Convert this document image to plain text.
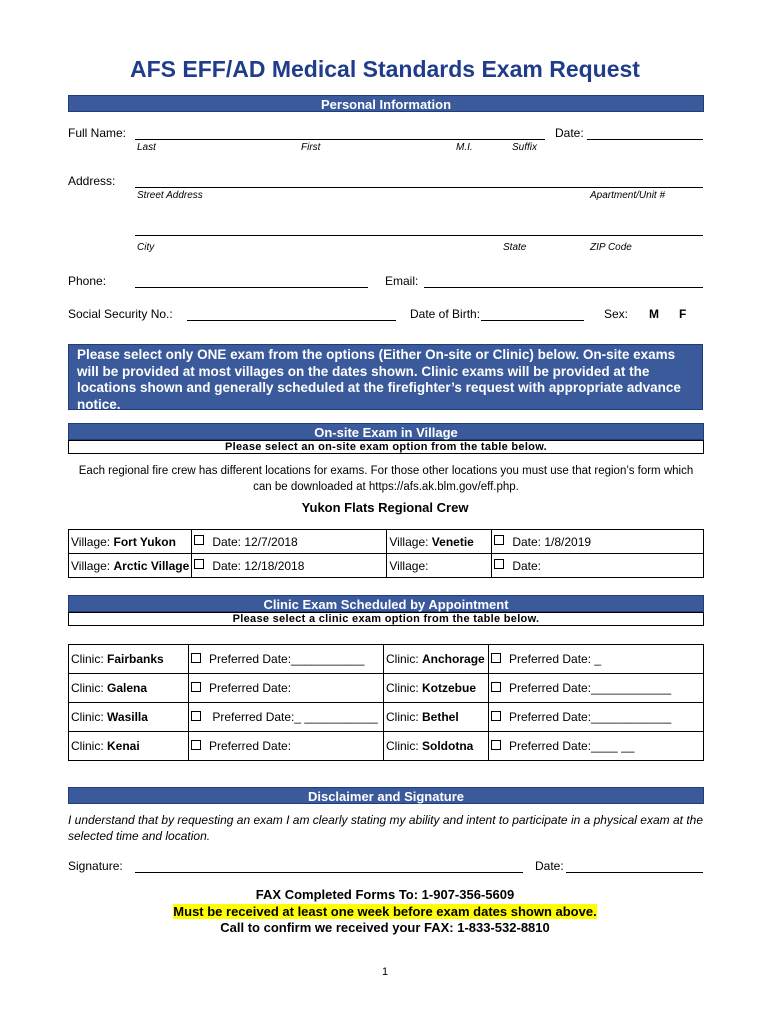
AFS EFF/AD Medical Standards Exam Request
Personal Information
Full Name:	Date:
Last	First	M.I.	Suffix
Address:
Street Address	Apartment/Unit #
City	State	ZIP Code
Phone:	Email:
Social Security No.:	Date of Birth:	Sex: M F
Please select only ONE exam from the options (Either On-site or Clinic) below. On-site exams will be provided at most villages on the dates shown. Clinic exams will be provided at the locations shown and generally scheduled at the firefighter’s request with appropriate advance notice.
On-site Exam in Village
Please select an on-site exam option from the table below.
Each regional fire crew has different locations for exams. For those other locations you must use that region’s form which can be downloaded at https://afs.ak.blm.gov/eff.php.
Yukon Flats Regional Crew
Village: Fort Yukon	Date: 12/7/2018	Village: Venetie	Date: 1/8/2019
Village: Arctic Village	Date: 12/18/2018	Village:	Date:
Clinic Exam Scheduled by Appointment
Please select a clinic exam option from the table below.
Clinic: Fairbanks	Preferred Date:___________	Clinic: Anchorage	Preferred Date: _
Clinic: Galena	Preferred Date:	Clinic: Kotzebue	Preferred Date:____________
Clinic: Wasilla	Preferred Date:_ ___________	Clinic: Bethel	Preferred Date:____________
Clinic: Kenai	Preferred Date:	Clinic: Soldotna	Preferred Date:____ __
Disclaimer and Signature
I understand that by requesting an exam I am clearly stating my ability and intent to participate in a physical exam at the selected time and location.
Signature:	Date:
FAX Completed Forms To: 1-907-356-5609
Must be received at least one week before exam dates shown above.
Call to confirm we received your FAX: 1-833-532-8810
1
